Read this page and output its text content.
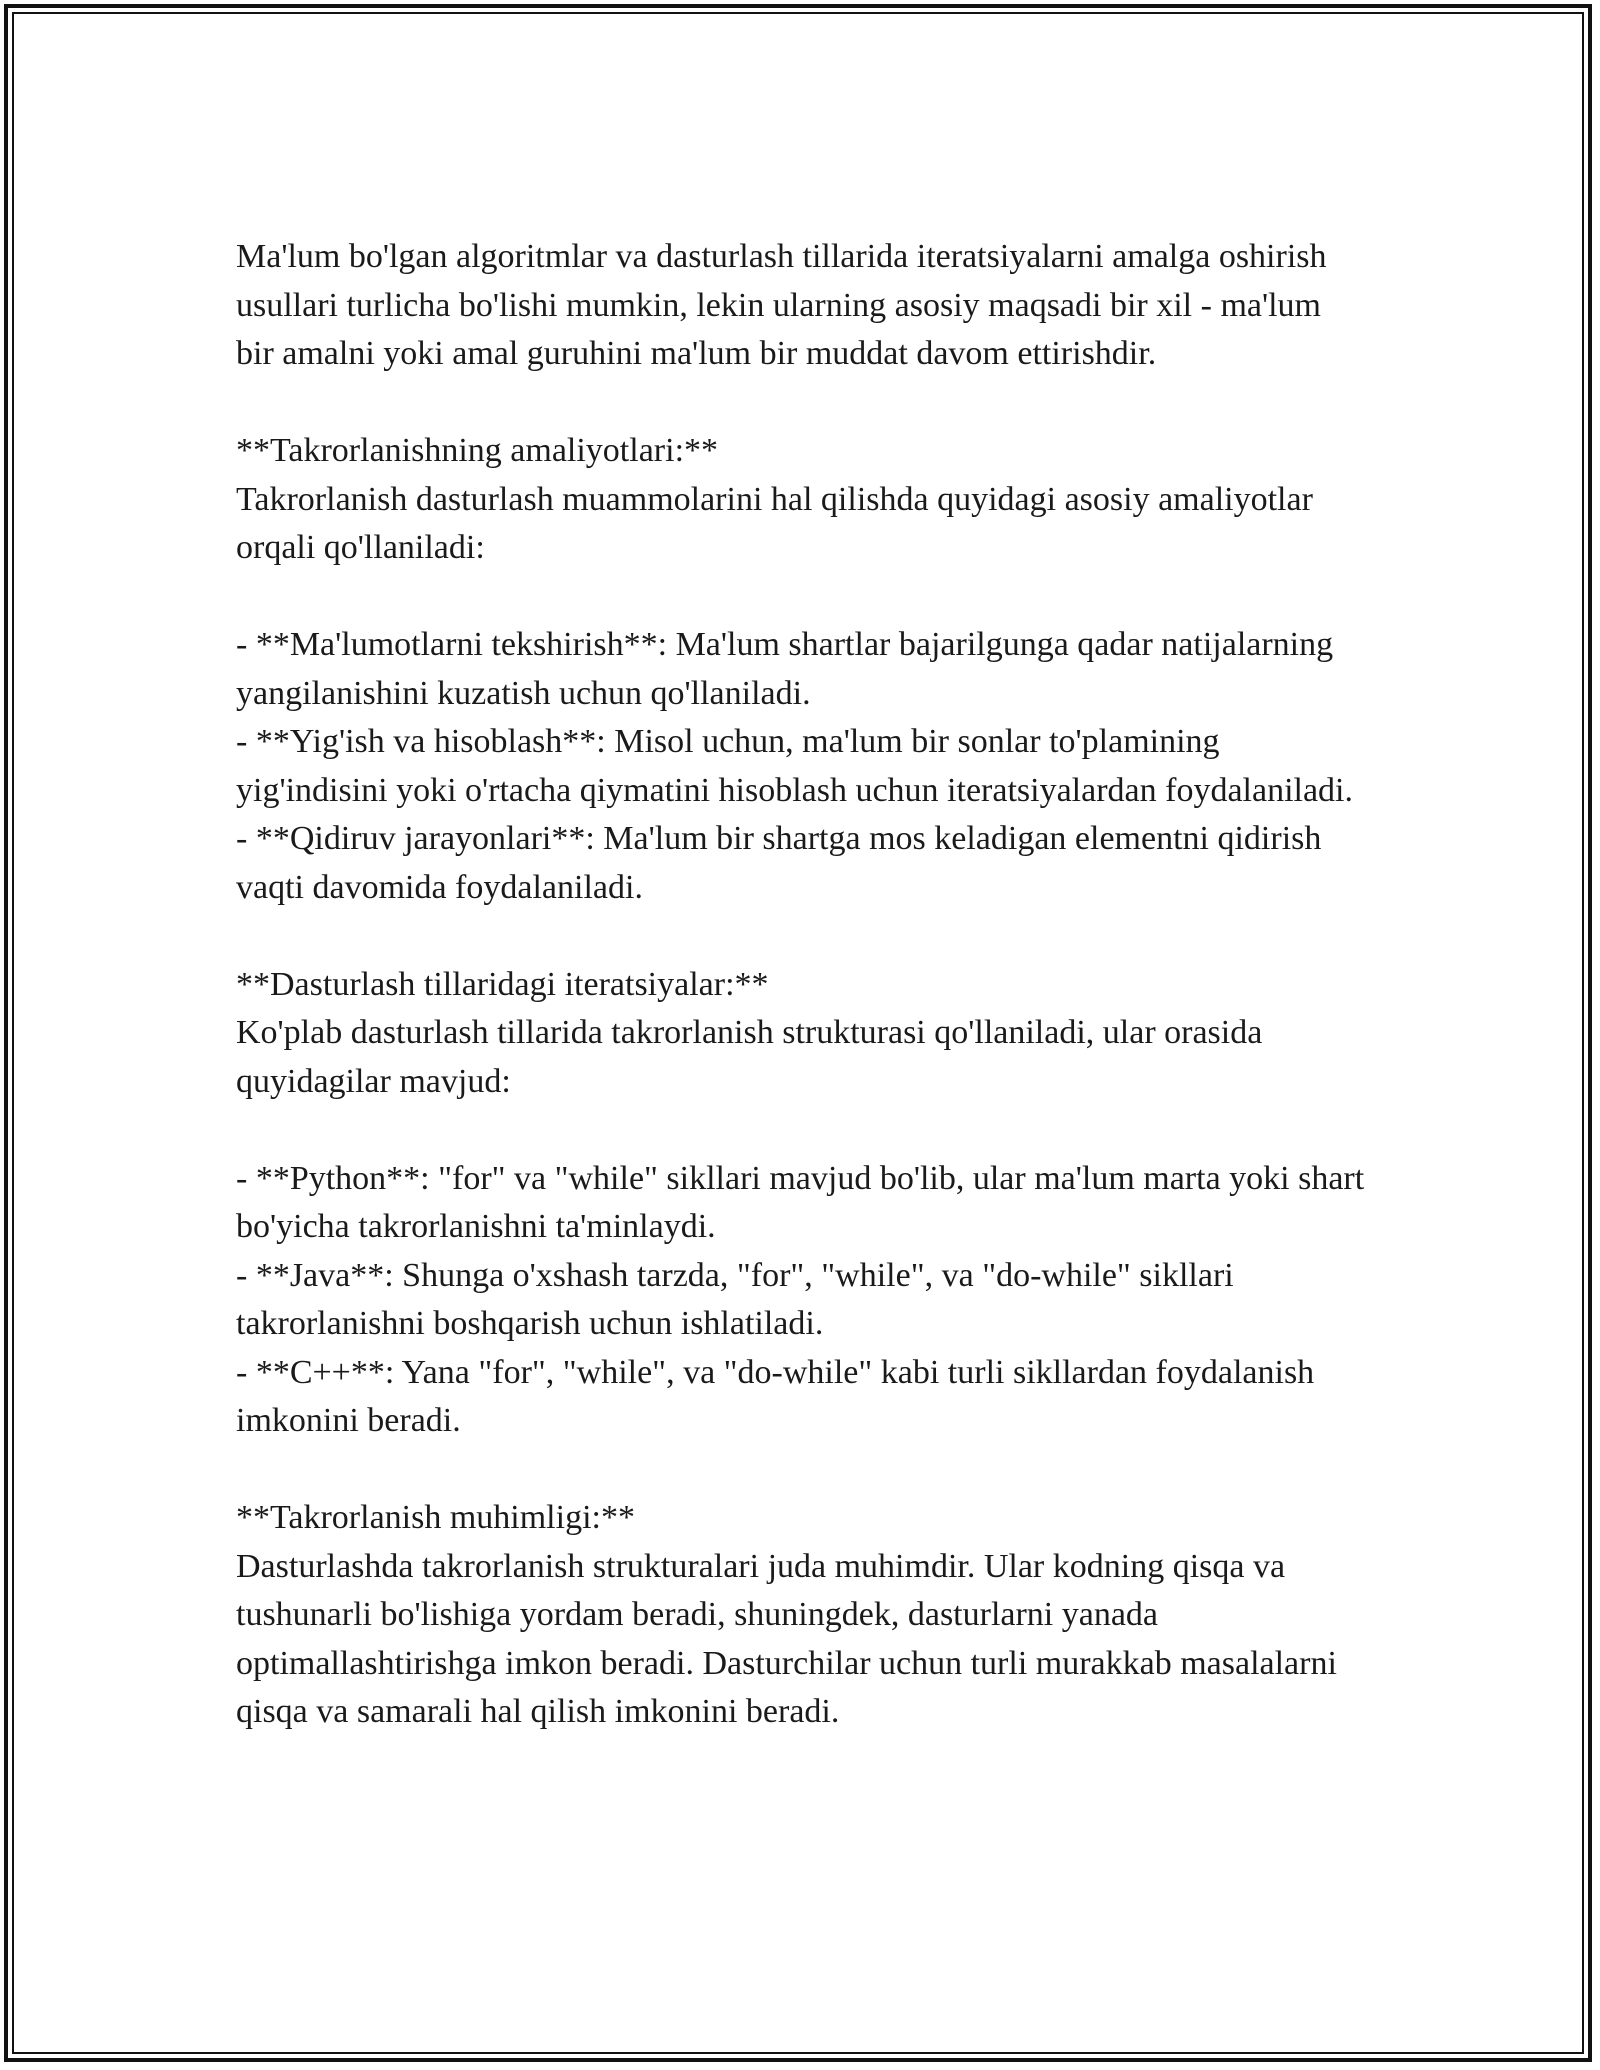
Ma'lum bo'lgan algoritmlar va dasturlash tillarida iteratsiyalarni amalga oshirish usullari turlicha bo'lishi mumkin, lekin ularning asosiy maqsadi bir xil - ma'lum bir amalni yoki amal guruhini ma'lum bir muddat davom ettirishdir.

**Takrorlanishning amaliyotlari:**

Takrorlanish dasturlash muammolarini hal qilishda quyidagi asosiy amaliyotlar orqali qo'llaniladi:

- **Ma'lumotlarni tekshirish**: Ma'lum shartlar bajarilgunga qadar natijalarning yangilanishini kuzatish uchun qo'llaniladi.

- **Yig'ish va hisoblash**: Misol uchun, ma'lum bir sonlar to'plamining yig'indisini yoki o'rtacha qiymatini hisoblash uchun iteratsiyalardan foydalaniladi.

- **Qidiruv jarayonlari**: Ma'lum bir shartga mos keladigan elementni qidirish vaqti davomida foydalaniladi.

**Dasturlash tillaridagi iteratsiyalar:**

Ko'plab dasturlash tillarida takrorlanish strukturasi qo'llaniladi, ular orasida quyidagilar mavjud:

- **Python**: "for" va "while" sikllari mavjud bo'lib, ular ma'lum marta yoki shart bo'yicha takrorlanishni ta'minlaydi.

- **Java**: Shunga o'xshash tarzda, "for", "while", va "do-while" sikllari takrorlanishni boshqarish uchun ishlatiladi.

- **C++**: Yana "for", "while", va "do-while" kabi turli sikllardan foydalanish imkonini beradi.

**Takrorlanish muhimligi:**

Dasturlashda takrorlanish strukturalari juda muhimdir. Ular kodning qisqa va tushunarli bo'lishiga yordam beradi, shuningdek, dasturlarni yanada optimallashtirishga imkon beradi. Dasturchilar uchun turli murakkab masalalarni qisqa va samarali hal qilish imkonini beradi.
